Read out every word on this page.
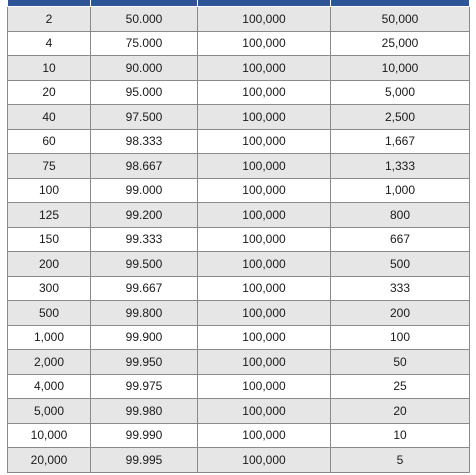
2	50.000	100,000	50,000
4	75.000	100,000	25,000
10	90.000	100,000	10,000
20	95.000	100,000	5,000
40	97.500	100,000	2,500
60	98.333	100,000	1,667
75	98.667	100,000	1,333
100	99.000	100,000	1,000
125	99.200	100,000	800
150	99.333	100,000	667
200	99.500	100,000	500
300	99.667	100,000	333
500	99.800	100,000	200
1,000	99.900	100,000	100
2,000	99.950	100,000	50
4,000	99.975	100,000	25
5,000	99.980	100,000	20
10,000	99.990	100,000	10
20,000	99.995	100,000	5
